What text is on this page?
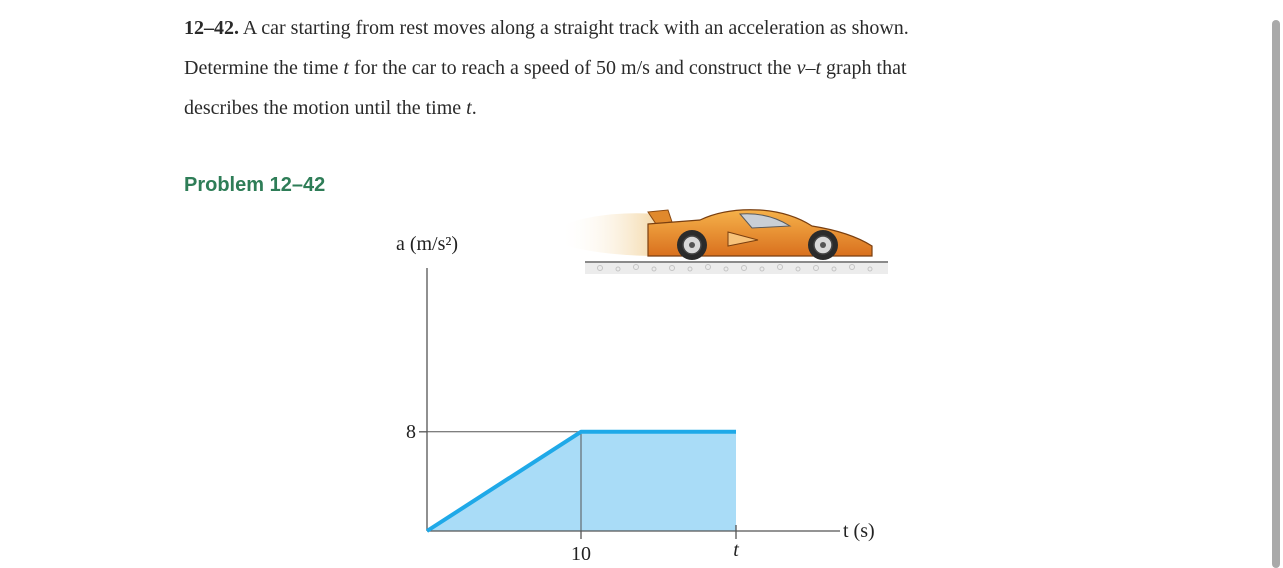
12–42. A car starting from rest moves along a straight track with an acceleration as shown.
Determine the time t for the car to reach a speed of 50 m/s and construct the v–t graph that
describes the motion until the time t.
Problem 12–42
a (m/s²)
t (s)
8
10	t
